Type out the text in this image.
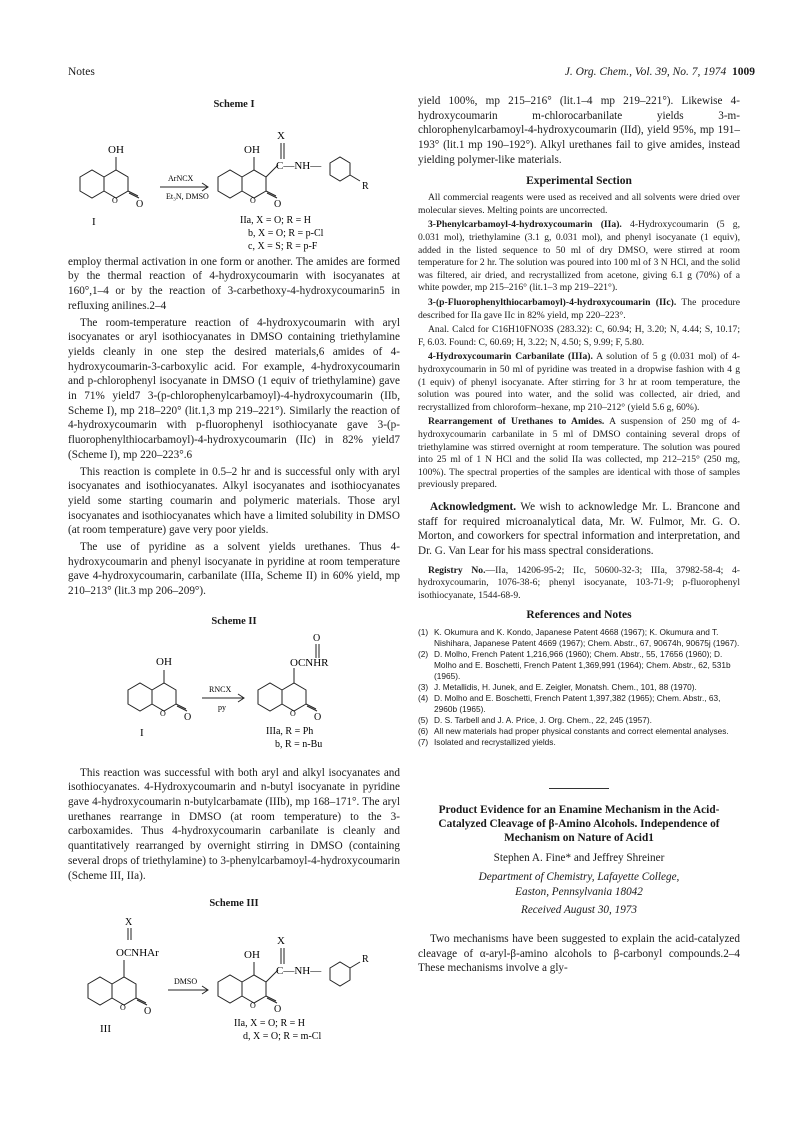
Notes	J. Org. Chem., Vol. 39, No. 7, 1974 1009
Scheme I
OH
O
O
ArNCX
Et₃N, DMSO
I
OH
X
C—NH—
O
O
R
IIa, X = O; R = H
b, X = O; R = p-Cl
c, X = S; R = p-F

employ thermal activation in one form or another. The amides are formed by the thermal reaction of 4-hydroxycoumarin with isocyanates at 160°,1–4 or by the reaction of 3-carbethoxy-4-hydroxycoumarin5 in refluxing anilines.2–4

The room-temperature reaction of 4-hydroxycoumarin with aryl isocyanates or aryl isothiocyanates in DMSO containing triethylamine yields cleanly in one step the desired materials,6 amides of 4-hydroxycoumarin-3-carboxylic acid. For example, 4-hydroxycoumarin and p-chlorophenyl isocyanate in DMSO (1 equiv of triethylamine) gave in 71% yield7 3-(p-chlorophenylcarbamoyl)-4-hydroxycoumarin (IIb, Scheme I), mp 218–220° (lit.1,3 mp 219–221°). Similarly the reaction of 4-hydroxycoumarin with p-fluorophenyl isothiocyanate gave 3-(p-fluorophenylthiocarbamoyl)-4-hydroxycoumarin (IIc) in 82% yield7 (Scheme I), mp 220–223°.6

This reaction is complete in 0.5–2 hr and is successful only with aryl isocyanates and isothiocyanates. Alkyl isocyanates and isothiocyanates yield some starting coumarin and polymeric materials. Those aryl isocyanates and isothiocyanates which have a limited solubility in DMSO (at room temperature) gave very poor yields.

The use of pyridine as a solvent yields urethanes. Thus 4-hydroxycoumarin and phenyl isocyanate in pyridine at room temperature gave 4-hydroxycoumarin, carbanilate (IIIa, Scheme II) in 60% yield, mp 210–213° (lit.3 mp 206–209°).

Scheme II
OH
O
O
RNCX
py
I
O
OCNHR
O
O
IIIa, R = Ph
b, R = n-Bu

This reaction was successful with both aryl and alkyl isocyanates and isothiocyanates. 4-Hydroxycoumarin and n-butyl isocyanate in pyridine gave 4-hydroxycoumarin n-butylcarbamate (IIIb), mp 168–171°. The aryl urethanes rearrange in DMSO (at room temperature) to the 3-carboxamides. Thus 4-hydroxycoumarin carbanilate is cleanly and quantitatively rearranged by overnight stirring in DMSO (containing several drops of triethylamine) to 3-phenylcarbamoyl-4-hydroxycoumarin (Scheme III, IIa).

Scheme III
X
OCNHAr
O
O
DMSO
III
OH
X
C—NH—
O
O
R
IIa, X = O; R = H
d, X = O; R = m-Cl

yield 100%, mp 215–216° (lit.1–4 mp 219–221°). Likewise 4-hydroxycoumarin m-chlorocarbanilate yields 3-m-chlorophenylcarbamoyl-4-hydroxycoumarin (IId), yield 95%, mp 191–193° (lit.1 mp 190–192°). Alkyl urethanes fail to give amides, instead yielding polymer-like materials.

Experimental Section

All commercial reagents were used as received and all solvents were dried over molecular sieves. Melting points are uncorrected.

3-Phenylcarbamoyl-4-hydroxycoumarin (IIa). 4-Hydroxycoumarin (5 g, 0.031 mol), triethylamine (3.1 g, 0.031 mol), and phenyl isocyanate (1 equiv), added in the listed sequence to 50 ml of dry DMSO, were stirred at room temperature for 2 hr. The solution was poured into 100 ml of 3 N HCl, and the solid was filtered, air dried, and recrystallized from acetone, giving 6.1 g (70%) of a white powder, mp 215–216° (lit.1–3 mp 219–221°).

3-(p-Fluorophenylthiocarbamoyl)-4-hydroxycoumarin (IIc). The procedure described for IIa gave IIc in 82% yield, mp 220–223°.

Anal. Calcd for C16H10FNO3S (283.32): C, 60.94; H, 3.20; N, 4.44; S, 10.17; F, 6.03. Found: C, 60.69; H, 3.22; N, 4.50; S, 9.99; F, 5.80.

4-Hydroxycoumarin Carbanilate (IIIa). A solution of 5 g (0.031 mol) of 4-hydroxycoumarin in 50 ml of pyridine was treated in a dropwise fashion with 4 g (1 equiv) of phenyl isocyanate. After stirring for 3 hr at room temperature, the solution was poured into water, and the solid was collected, air dried, and recrystallized from chloroform–hexane, mp 210–212° (yield 5.6 g, 60%).

Rearrangement of Urethanes to Amides. A suspension of 250 mg of 4-hydroxycoumarin carbanilate in 5 ml of DMSO containing several drops of triethylamine was stirred overnight at room temperature. The solution was poured into 25 ml of 1 N HCl and the solid IIa was collected, mp 212–215° (250 mg, 100%). The spectral properties of the samples are identical with those of samples previously prepared.

Acknowledgment. We wish to acknowledge Mr. L. Brancone and staff for required microanalytical data, Mr. W. Fulmor, Mr. G. O. Morton, and coworkers for spectral information and interpretation, and Dr. G. Van Lear for his mass spectral considerations.

Registry No.—IIa, 14206-95-2; IIc, 50600-32-3; IIIa, 37982-58-4; 4-hydroxycoumarin, 1076-38-6; phenyl isocyanate, 103-71-9; p-fluorophenyl isothiocyanate, 1544-68-9.

References and Notes
(1) K. Okumura and K. Kondo, Japanese Patent 4668 (1967); K. Okumura and T. Nishihara, Japanese Patent 4669 (1967); Chem. Abstr., 67, 90674h, 90675j (1967).
(2) D. Molho, French Patent 1,216,966 (1960); Chem. Abstr., 55, 17656 (1960); D. Molho and E. Boschetti, French Patent 1,369,991 (1964); Chem. Abstr., 62, 531b (1965).
(3) J. Metallidis, H. Junek, and E. Zeigler, Monatsh. Chem., 101, 88 (1970).
(4) D. Molho and E. Boschetti, French Patent 1,397,382 (1965); Chem. Abstr., 63, 2960b (1965).
(5) D. S. Tarbell and J. A. Price, J. Org. Chem., 22, 245 (1957).
(6) All new materials had proper physical constants and correct elemental analyses.
(7) Isolated and recrystallized yields.
Product Evidence for an Enamine Mechanism in the Acid-Catalyzed Cleavage of β-Amino Alcohols. Independence of Mechanism on Nature of Acid1

Stephen A. Fine* and Jeffrey Shreiner

Department of Chemistry, Lafayette College,

Easton, Pennsylvania 18042

Received August 30, 1973

Two mechanisms have been suggested to explain the acid-catalyzed cleavage of α-aryl-β-amino alcohols to β-carbonyl compounds.2–4 These mechanisms involve a gly-
